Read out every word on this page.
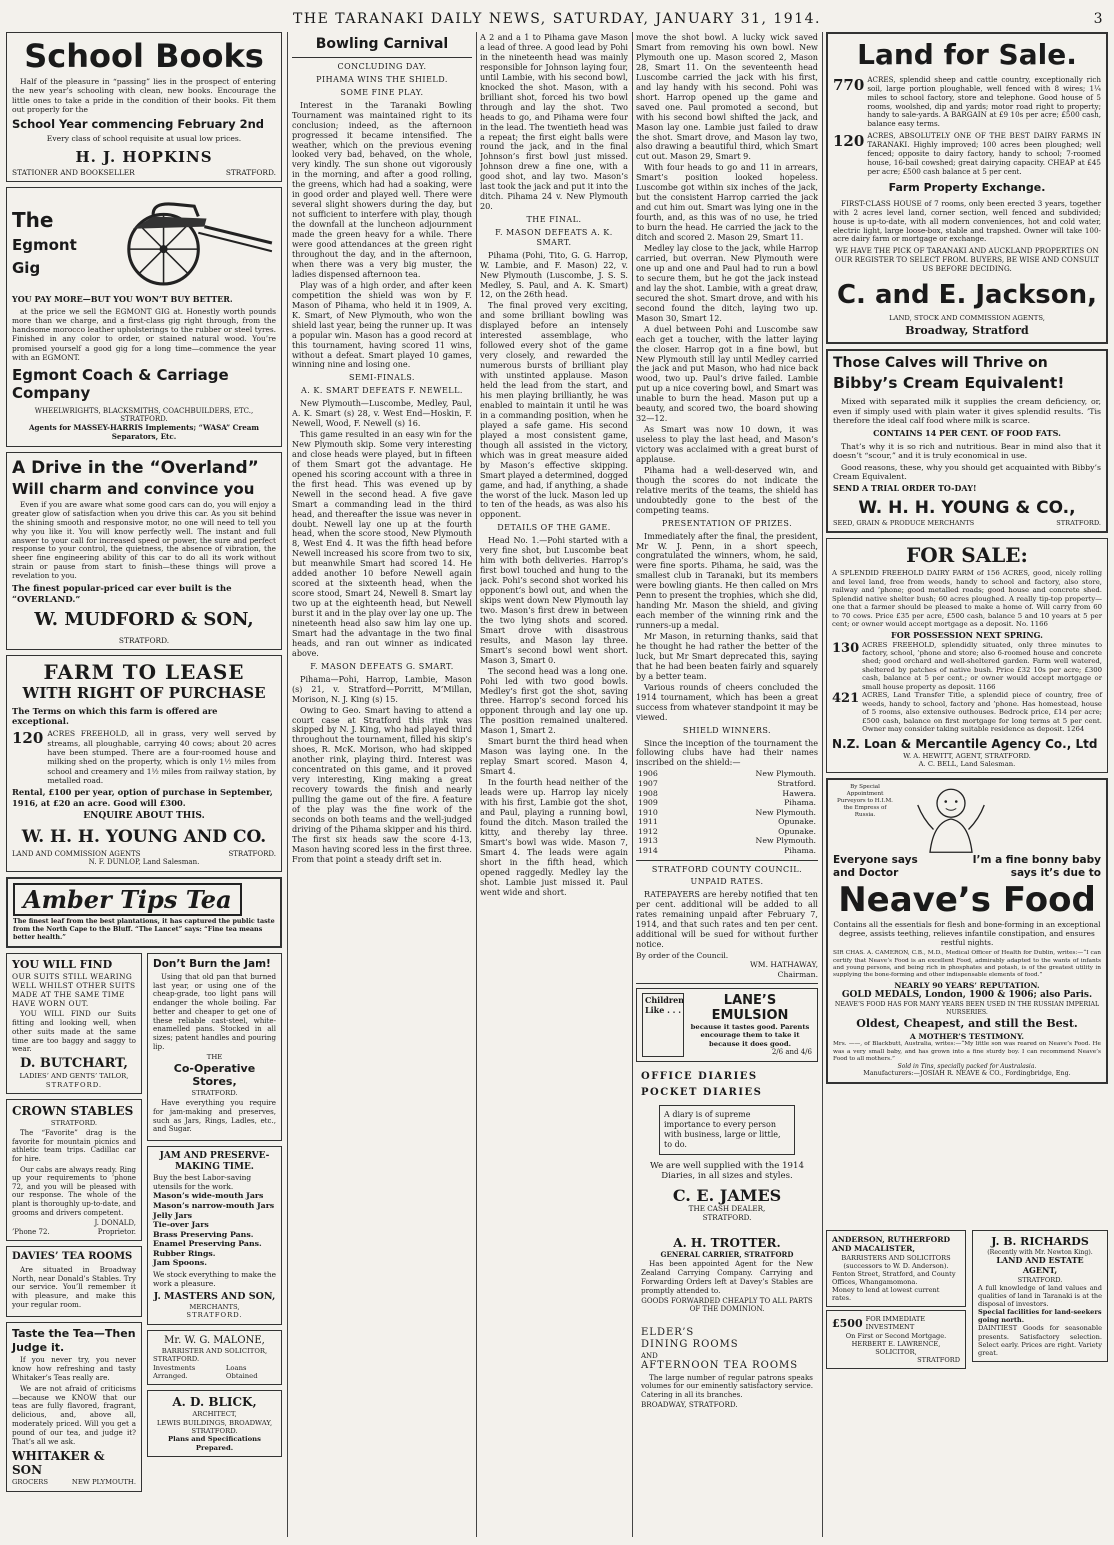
THE TARANAKI DAILY NEWS, SATURDAY, JANUARY 31, 1914.	3
School Books

Half of the pleasure in “passing” lies in the prospect of entering the new year’s schooling with clean, new books. Encourage the little ones to take a pride in the condition of their books. Fit them out properly for the

School Year commencing February 2nd
Every class of school requisite at usual low prices.
H. J. HOPKINS
STATIONER AND BOOKSELLER	STRATFORD.
The
Egmont
Gig
YOU PAY MORE—BUT YOU WON’T BUY BETTER.

at the price we sell the EGMONT GIG at. Honestly worth pounds more than we charge, and a first-class gig right through, from the handsome morocco leather upholsterings to the rubber or steel tyres. Finished in any color to order, or stained natural wood. You’re promised yourself a good gig for a long time—commence the year with an EGMONT.

Egmont Coach & Carriage Company
WHEELWRIGHTS, BLACKSMITHS, COACHBUILDERS, ETC., STRATFORD.
Agents for MASSEY-HARRIS Implements; “WASA” Cream Separators, Etc.
A Drive in the “Overland”
Will charm and convince you

Even if you are aware what some good cars can do, you will enjoy a greater glow of satisfaction when you drive this car. As you sit behind the shining smooth and responsive motor, no one will need to tell you why you like it. You will know perfectly well. The instant and full answer to your call for increased speed or power, the sure and perfect response to your control, the quietness, the absence of vibration, the sheer fine engineering ability of this car to do all its work without strain or pause from start to finish—these things will prove a revelation to you.

The finest popular-priced car ever built is the “OVERLAND.”
W. MUDFORD & SON,
STRATFORD.
FARM TO LEASE
WITH RIGHT OF PURCHASE
The Terms on which this farm is offered are exceptional.
120 ACRES FREEHOLD, all in grass, very well served by streams, all ploughable, carrying 40 cows; about 20 acres have been stumped. There are a four-roomed house and milking shed on the property, which is only 1½ miles from school and creamery and 1½ miles from railway station, by metalled road.
Rental, £100 per year, option of purchase in September, 1916, at £20 an acre. Good will £300.
ENQUIRE ABOUT THIS.
W. H. H. YOUNG AND CO.
LAND AND COMMISSION AGENTS	STRATFORD.
N. F. DUNLOP, Land Salesman.
Amber Tips Tea
The finest leaf from the best plantations, it has captured the public taste from the North Cape to the Bluff. “The Lancet” says: “Fine tea means better health.”
YOU WILL FIND
OUR SUITS STILL WEARING WELL WHILST OTHER SUITS MADE AT THE SAME TIME HAVE WORN OUT.

YOU WILL FIND our Suits fitting and looking well, when other suits made at the same time are too baggy and saggy to wear.

D. BUTCHART,
LADIES’ AND GENTS’ TAILOR,
STRATFORD.
CROWN STABLES
STRATFORD.

The “Favorite” drag is the favorite for mountain picnics and athletic team trips. Cadillac car for hire.

Our cabs are always ready. Ring up your requirements to ’phone 72, and you will be pleased with our response. The whole of the plant is thoroughly up-to-date, and grooms and drivers competent.

J. DONALD,
’Phone 72.	Proprietor.
DAVIES’ TEA ROOMS

Are situated in Broadway North, near Donald’s Stables. Try our service. You’ll remember it with pleasure, and make this your regular room.

Taste the Tea—Then Judge it.

If you never try, you never know how refreshing and tasty Whitaker’s Teas really are.

We are not afraid of criticisms—because we KNOW that our teas are fully flavored, fragrant, delicious, and, above all, moderately priced. Will you get a pound of our tea, and judge it? That’s all we ask.

WHITAKER & SON
GROCERS	NEW PLYMOUTH.
Don’t Burn the Jam!

Using that old pan that burned last year, or using one of the cheap-grade, too light pans will endanger the whole boiling. Far better and cheaper to get one of these reliable cast-steel, white-enamelled pans. Stocked in all sizes; patent handles and pouring lip.

THE
Co-Operative Stores,
STRATFORD.

Have everything you require for jam-making and preserves, such as Jars, Rings, Ladles, etc., and Sugar.

JAM AND PRESERVE-MAKING TIME.
Buy the best Labor-saving utensils for the work.
Mason’s wide-mouth Jars
Mason’s narrow-mouth Jars
Jelly Jars
Tie-over Jars
Brass Preserving Pans.
Enamel Preserving Pans.
Rubber Rings.
Jam Spoons.
We stock everything to make the work a pleasure.
J. MASTERS AND SON,
MERCHANTS,
STRATFORD.
Mr. W. G. MALONE,
BARRISTER AND SOLICITOR,
STRATFORD.
Investments Arranged.
Loans Obtained
A. D. BLICK,
ARCHITECT,
LEWIS BUILDINGS, BROADWAY, STRATFORD.
Plans and Specifications Prepared.
Bowling Carnival
CONCLUDING DAY.
PIHAMA WINS THE SHIELD.
SOME FINE PLAY.

Interest in the Taranaki Bowling Tournament was maintained right to its conclusion; indeed, as the afternoon progressed it became intensified. The weather, which on the previous evening looked very bad, behaved, on the whole, very kindly. The sun shone out vigorously in the morning, and after a good rolling, the greens, which had had a soaking, were in good order and played well. There were several slight showers during the day, but not sufficient to interfere with play, though the downfall at the luncheon adjournment made the green heavy for a while. There were good attendances at the green right throughout the day, and in the afternoon, when there was a very big muster, the ladies dispensed afternoon tea.

Play was of a high order, and after keen competition the shield was won by F. Mason of Pihama, who held it in 1909, A. K. Smart, of New Plymouth, who won the shield last year, being the runner up. It was a popular win. Mason has a good record at this tournament, having scored 11 wins, without a defeat. Smart played 10 games, winning nine and losing one.

SEMI-FINALS.
A. K. SMART DEFEATS F. NEWELL.

New Plymouth—Luscombe, Medley, Paul, A. K. Smart (s) 28, v. West End—Hoskin, F. Newell, Wood, F. Newell (s) 16.

This game resulted in an easy win for the New Plymouth skip. Some very interesting and close heads were played, but in fifteen of them Smart got the advantage. He opened his scoring account with a three in the first head. This was evened up by Newell in the second head. A five gave Smart a commanding lead in the third head, and thereafter the issue was never in doubt. Newell lay one up at the fourth head, when the score stood, New Plymouth 8, West End 4. It was the fifth head before Newell increased his score from two to six, but meanwhile Smart had scored 14. He added another 10 before Newell again scored at the sixteenth head, when the score stood, Smart 24, Newell 8. Smart lay two up at the eighteenth head, but Newell burst it and in the play over lay one up. The nineteenth head also saw him lay one up. Smart had the advantage in the two final heads, and ran out winner as indicated above.

F. MASON DEFEATS G. SMART.

Pihama—Pohi, Harrop, Lambie, Mason (s) 21, v. Stratford—Porritt, M’Millan, Morison, N. J. King (s) 15.

Owing to Geo. Smart having to attend a court case at Stratford this rink was skipped by N. J. King, who had played third throughout the tournament, filled his skip’s shoes, R. McK. Morison, who had skipped another rink, playing third. Interest was concentrated on this game, and it proved very interesting, King making a great recovery towards the finish and nearly pulling the game out of the fire. A feature of the play was the fine work of the seconds on both teams and the well-judged driving of the Pihama skipper and his third. The first six heads saw the score 4-13, Mason having scored less in the first three. From that point a steady drift set in.

A 2 and a 1 to Pihama gave Mason a lead of three. A good lead by Pohi in the nineteenth head was mainly responsible for Johnson laying four, until Lambie, with his second bowl, knocked the shot. Mason, with a brilliant shot, forced his two bowl through and lay the shot. Two heads to go, and Pihama were four in the lead. The twentieth head was a repeat; the first eight balls were round the jack, and in the final Johnson’s first bowl just missed. Johnson drew a fine one, with a good shot, and lay two. Mason’s last took the jack and put it into the ditch. Pihama 24 v. New Plymouth 20.

THE FINAL.
F. MASON DEFEATS A. K. SMART.

Pihama (Pohi, Tito, G. G. Harrop, W. Lambie, and F. Mason) 22, v. New Plymouth (Luscombe, J. S. S. Medley, S. Paul, and A. K. Smart) 12, on the 26th head.

The final proved very exciting, and some brilliant bowling was displayed before an intensely interested assemblage, who followed every shot of the game very closely, and rewarded the numerous bursts of brilliant play with unstinted applause. Mason held the lead from the start, and his men playing brilliantly, he was enabled to maintain it until he was in a commanding position, when he played a safe game. His second played a most consistent game, though all assisted in the victory, which was in great measure aided by Mason’s effective skipping. Smart played a determined, dogged game, and had, if anything, a shade the worst of the luck. Mason led up to ten of the heads, as was also his opponent.

DETAILS OF THE GAME.

Head No. 1.—Pohi started with a very fine shot, but Luscombe beat him with both deliveries. Harrop’s first bowl touched and hung to the jack. Pohi’s second shot worked his opponent’s bowl out, and when the skips went down New Plymouth lay two. Mason’s first drew in between the two lying shots and scored. Smart drove with disastrous results, and Mason lay three. Smart’s second bowl went short. Mason 3, Smart 0.

The second head was a long one. Pohi led with two good bowls. Medley’s first got the shot, saving three. Harrop’s second forced his opponent through and lay one up. The position remained unaltered. Mason 1, Smart 2.

Smart burnt the third head when Mason was laying one. In the replay Smart scored. Mason 4, Smart 4.

In the fourth head neither of the leads were up. Harrop lay nicely with his first, Lambie got the shot, and Paul, playing a running bowl, found the ditch. Mason trailed the kitty, and thereby lay three. Smart’s bowl was wide. Mason 7, Smart 4. The leads were again short in the fifth head, which opened raggedly. Medley lay the shot. Lambie just missed it. Paul went wide and short.

move the shot bowl. A lucky wick saved Smart from removing his own bowl. New Plymouth one up. Mason scored 2, Mason 28, Smart 11. On the seventeenth head Luscombe carried the jack with his first, and lay handy with his second. Pohi was short. Harrop opened up the game and saved one. Paul promoted a second, but with his second bowl shifted the jack, and Mason lay one. Lambie just failed to draw the shot. Smart drove, and Mason lay two, also drawing a beautiful third, which Smart cut out. Mason 29, Smart 9.

With four heads to go and 11 in arrears, Smart’s position looked hopeless. Luscombe got within six inches of the jack, but the consistent Harrop carried the jack and cut him out. Smart was lying one in the fourth, and, as this was of no use, he tried to burn the head. He carried the jack to the ditch and scored 2. Mason 29, Smart 11.

Medley lay close to the jack, while Harrop carried, but overran. New Plymouth were one up and one and Paul had to run a bowl to secure them, but he got the jack instead and lay the shot. Lambie, with a great draw, secured the shot. Smart drove, and with his second found the ditch, laying two up. Mason 30, Smart 12.

A duel between Pohi and Luscombe saw each get a toucher, with the latter laying the closer. Harrop got in a fine bowl, but New Plymouth still lay until Medley carried the jack and put Mason, who had nice back wood, two up. Paul’s drive failed. Lambie put up a nice covering bowl, and Smart was unable to burn the head. Mason put up a beauty, and scored two, the board showing 32—12.

As Smart was now 10 down, it was useless to play the last head, and Mason’s victory was acclaimed with a great burst of applause.

Pihama had a well-deserved win, and though the scores do not indicate the relative merits of the teams, the shield has undoubtedly gone to the best of the competing teams.

PRESENTATION OF PRIZES.

Immediately after the final, the president, Mr W. J. Penn, in a short speech, congratulated the winners, whom, he said, were fine sports. Pihama, he said, was the smallest club in Taranaki, but its members were bowling giants. He then called on Mrs Penn to present the trophies, which she did, handing Mr. Mason the shield, and giving each member of the winning rink and the runners-up a medal.

Mr Mason, in returning thanks, said that he thought he had rather the better of the luck, but Mr Smart deprecated this, saying that he had been beaten fairly and squarely by a better team.

Various rounds of cheers concluded the 1914 tournament, which has been a great success from whatever standpoint it may be viewed.

SHIELD WINNERS.

Since the inception of the tournament the following clubs have had their names inscribed on the shield:—

1906	New Plymouth.
1907	Stratford.
1908	Hawera.
1909	Pihama.
1910	New Plymouth.
1911	Opunake.
1912	Opunake.
1913	New Plymouth.
1914	Pihama.
STRATFORD COUNTY COUNCIL.
UNPAID RATES.

RATEPAYERS are hereby notified that ten per cent. additional will be added to all rates remaining unpaid after February 7, 1914, and that such rates and ten per cent. additional will be sued for without further notice.

By order of the Council.
WM. HATHAWAY,
Chairman.
Children Like . . .
LANE’S EMULSION
because it tastes good. Parents encourage them to take it because it does good.
2/6 and 4/6
OFFICE DIARIES
POCKET DIARIES
A diary is of supreme importance to every person with business, large or little, to do.
We are well supplied with the 1914 Diaries, in all sizes and styles.
C. E. JAMES
THE CASH DEALER,
STRATFORD.
A. H. TROTTER.
GENERAL CARRIER, STRATFORD

Has been appointed Agent for the New Zealand Carrying Company. Carrying and Forwarding Orders left at Davey’s Stables are promptly attended to.

GOODS FORWARDED CHEAPLY TO ALL PARTS OF THE DOMINION.
ELDER’S
DINING ROOMS
AND
AFTERNOON TEA ROOMS

The large number of regular patrons speaks volumes for our eminently satisfactory service. Catering in all its branches.

BROADWAY, STRATFORD.
Land for Sale.
770 ACRES, splendid sheep and cattle country, exceptionally rich soil, large portion ploughable, well fenced with 8 wires; 1¼ miles to school factory, store and telephone. Good house of 5 rooms, woolshed, dip and yards; motor road right to property; handy to sale-yards. A BARGAIN at £9 10s per acre; £500 cash, balance easy terms.
120 ACRES, ABSOLUTELY ONE OF THE BEST DAIRY FARMS IN TARANAKI. Highly improved; 100 acres been ploughed; well fenced; opposite to dairy factory, handy to school; 7-roomed house, 16-bail cowshed; great dairying capacity. CHEAP at £45 per acre; £500 cash balance at 5 per cent.
Farm Property Exchange.

FIRST-CLASS HOUSE of 7 rooms, only been erected 3 years, together with 2 acres level land, corner section, well fenced and subdivided; house is up-to-date, with all modern conveniences, hot and cold water, electric light, large loose-box, stable and trapshed. Owner will take 100-acre dairy farm or mortgage or exchange.

WE HAVE THE PICK OF TARANAKI AND AUCKLAND PROPERTIES ON OUR REGISTER TO SELECT FROM. BUYERS, BE WISE AND CONSULT US BEFORE DECIDING.
C. and E. Jackson,
LAND, STOCK AND COMMISSION AGENTS,
Broadway, Stratford
Those Calves will Thrive on
Bibby’s Cream Equivalent!

Mixed with separated milk it supplies the cream deficiency, or, even if simply used with plain water it gives splendid results. ’Tis therefore the ideal calf food where milk is scarce.

CONTAINS 14 PER CENT. OF FOOD FATS.

That’s why it is so rich and nutritious. Bear in mind also that it doesn’t “scour,” and it is truly economical in use.

Good reasons, these, why you should get acquainted with Bibby’s Cream Equivalent.

SEND A TRIAL ORDER TO-DAY!
W. H. H. YOUNG & CO.,
SEED, GRAIN & PRODUCE MERCHANTS	STRATFORD.
FOR SALE:

A SPLENDID FREEHOLD DAIRY FARM of 156 ACRES, good, nicely rolling and level land, free from weeds, handy to school and factory, also store, railway and ’phone; good metalled roads; good house and concrete shed. Splendid native shelter bush; 60 acres ploughed. A really tip-top property—one that a farmer should be pleased to make a home of. Will carry from 60 to 70 cows. Price £35 per acre, £500 cash, balance 5 and 10 years at 5 per cent; or owner would accept mortgage as a deposit. No. 1166

FOR POSSESSION NEXT SPRING.
130 ACRES FREEHOLD, splendidly situated, only three minutes to factory, school, ’phone and store; also 6-roomed house and concrete shed; good orchard and well-sheltered garden. Farm well watered, sheltered by patches of native bush. Price £32 10s per acre; £300 cash, balance at 5 per cent.; or owner would accept mortgage or small house property as deposit. 1166
421 ACRES, Land Transfer Title, a splendid piece of country, free of weeds, handy to school, factory and ’phone. Has homestead, house of 5 rooms, also extensive outhouses. Bedrock price, £14 per acre; £500 cash, balance on first mortgage for long terms at 5 per cent. Owner may consider taking suitable residence as deposit. 1264
N.Z. Loan & Mercantile Agency Co., Ltd
W. A. HEWITT, AGENT, STRATFORD.
A. C. BELL, Land Salesman.
By Special Appointment Purveyors to H.I.M. the Empress of Russia.
Everyone says
and Doctor
I’m a fine bonny baby
says it’s due to
Neave’s Food
Contains all the essentials for flesh and bone-forming in an exceptional degree, assists teething, relieves infantile constipation, and ensures restful nights.
SIR CHAS. A. CAMERON, C.B., M.D., Medical Officer of Health for Dublin, writes:—“I can certify that Neave’s Food is an excellent Food, admirably adapted to the wants of infants and young persons, and being rich in phosphates and potash, is of the greatest utility in supplying the bone-forming and other indispensable elements of food.”
NEARLY 90 YEARS’ REPUTATION.
GOLD MEDALS, London, 1900 & 1906; also Paris.
NEAVE’S FOOD HAS FOR MANY YEARS BEEN USED IN THE RUSSIAN IMPERIAL NURSERIES.
Oldest, Cheapest, and still the Best.
A MOTHER’S TESTIMONY.
Mrs. ——, of Blackbutt, Australia, writes:—“My little son was reared on Neave’s Food. He was a very small baby, and has grown into a fine sturdy boy. I can recommend Neave’s Food to all mothers.”
Sold in Tins, specially packed for Australasia.
Manufacturers:—JOSIAH R. NEAVE & CO., Fordingbridge, Eng.
ANDERSON, RUTHERFORD AND MACALISTER,
BARRISTERS AND SOLICITORS
(successors to W. D. Anderson).
Fenton Street, Stratford, and County Offices, Whangamomona.
Money to lend at lowest current rates.
£500 FOR IMMEDIATE INVESTMENT
On First or Second Mortgage.
HERBERT E. LAWRENCE,
SOLICITOR,
STRATFORD
J. B. RICHARDS
(Recently with Mr. Newton King).
LAND AND ESTATE AGENT,
STRATFORD.
A full knowledge of land values and qualities of land in Taranaki is at the disposal of investors.
Special facilities for land-seekers going north.
DAINTIEST Goods for seasonable presents. Satisfactory selection. Select early. Prices are right. Variety great.
